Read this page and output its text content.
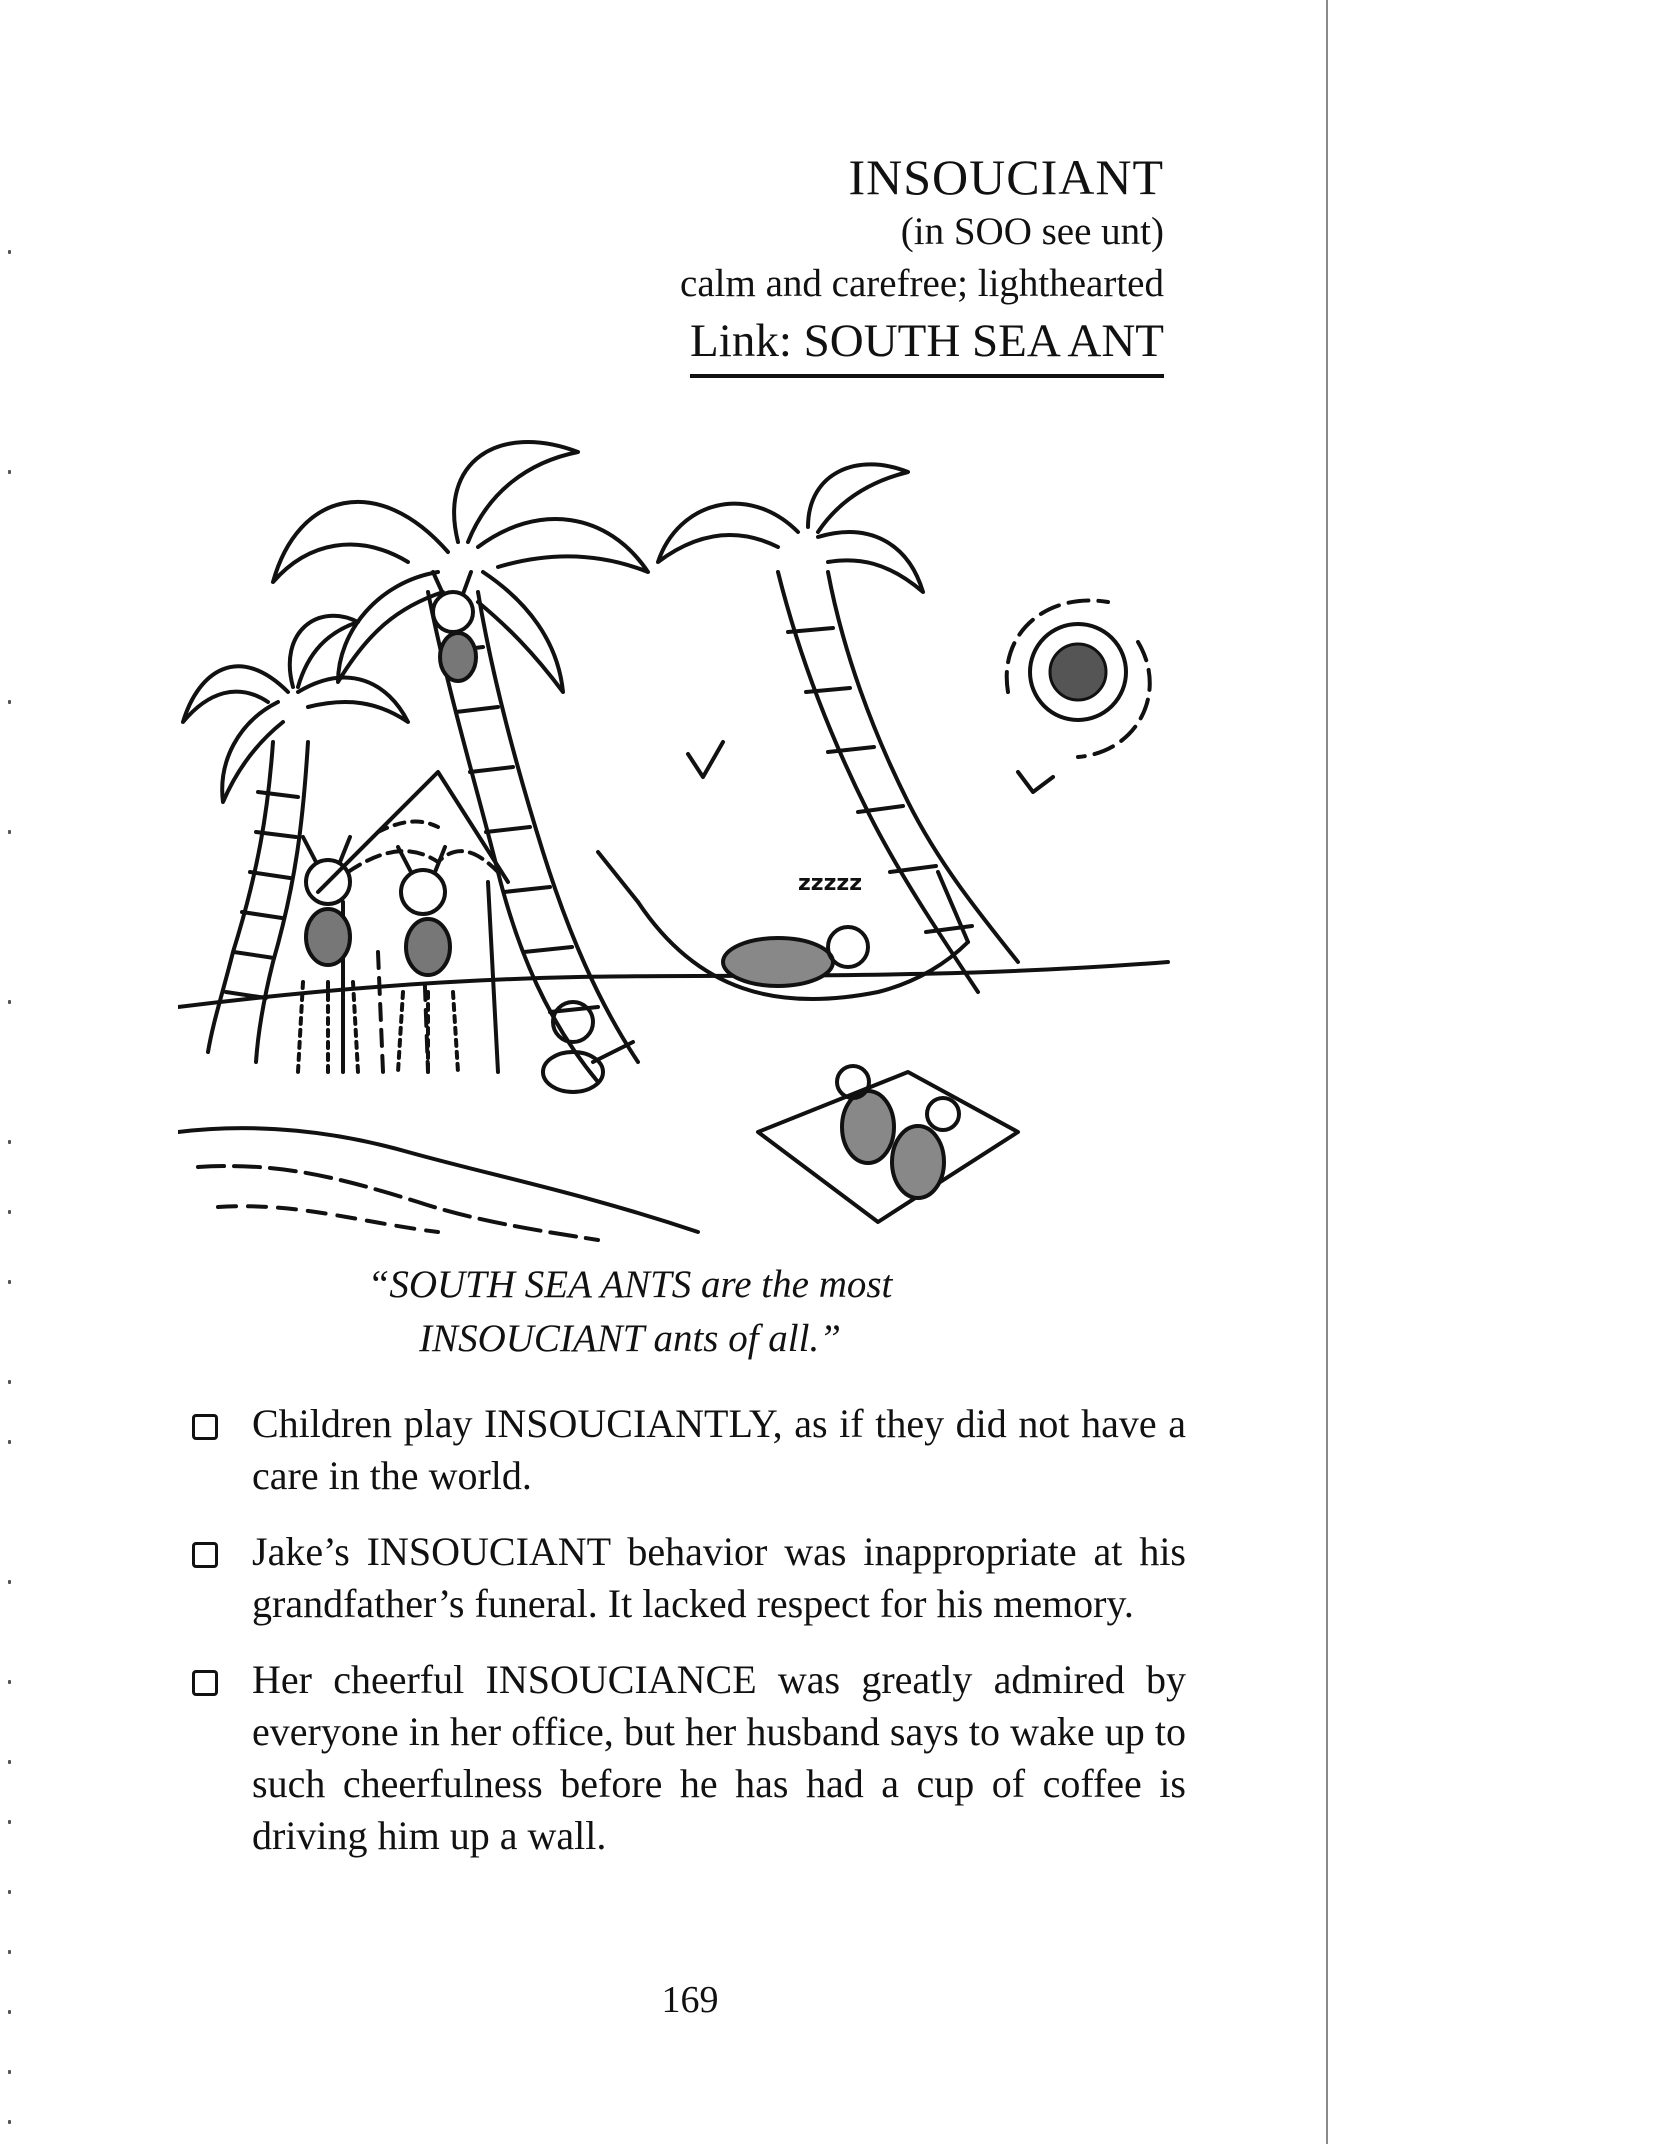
INSOUCIANT
(in SOO see unt)
calm and carefree; lighthearted
Link: SOUTH SEA ANT
zzzzz
“SOUTH SEA ANTS are the most
INSOUCIANT ants of all.”
Children play INSOUCIANTLY, as if they did not have a care in the world.
Jake’s INSOUCIANT behavior was inappropriate at his grandfather’s funeral. It lacked respect for his memory.
Her cheerful INSOUCIANCE was greatly admired by everyone in her office, but her husband says to wake up to such cheerfulness before he has had a cup of coffee is driving him up a wall.
169
